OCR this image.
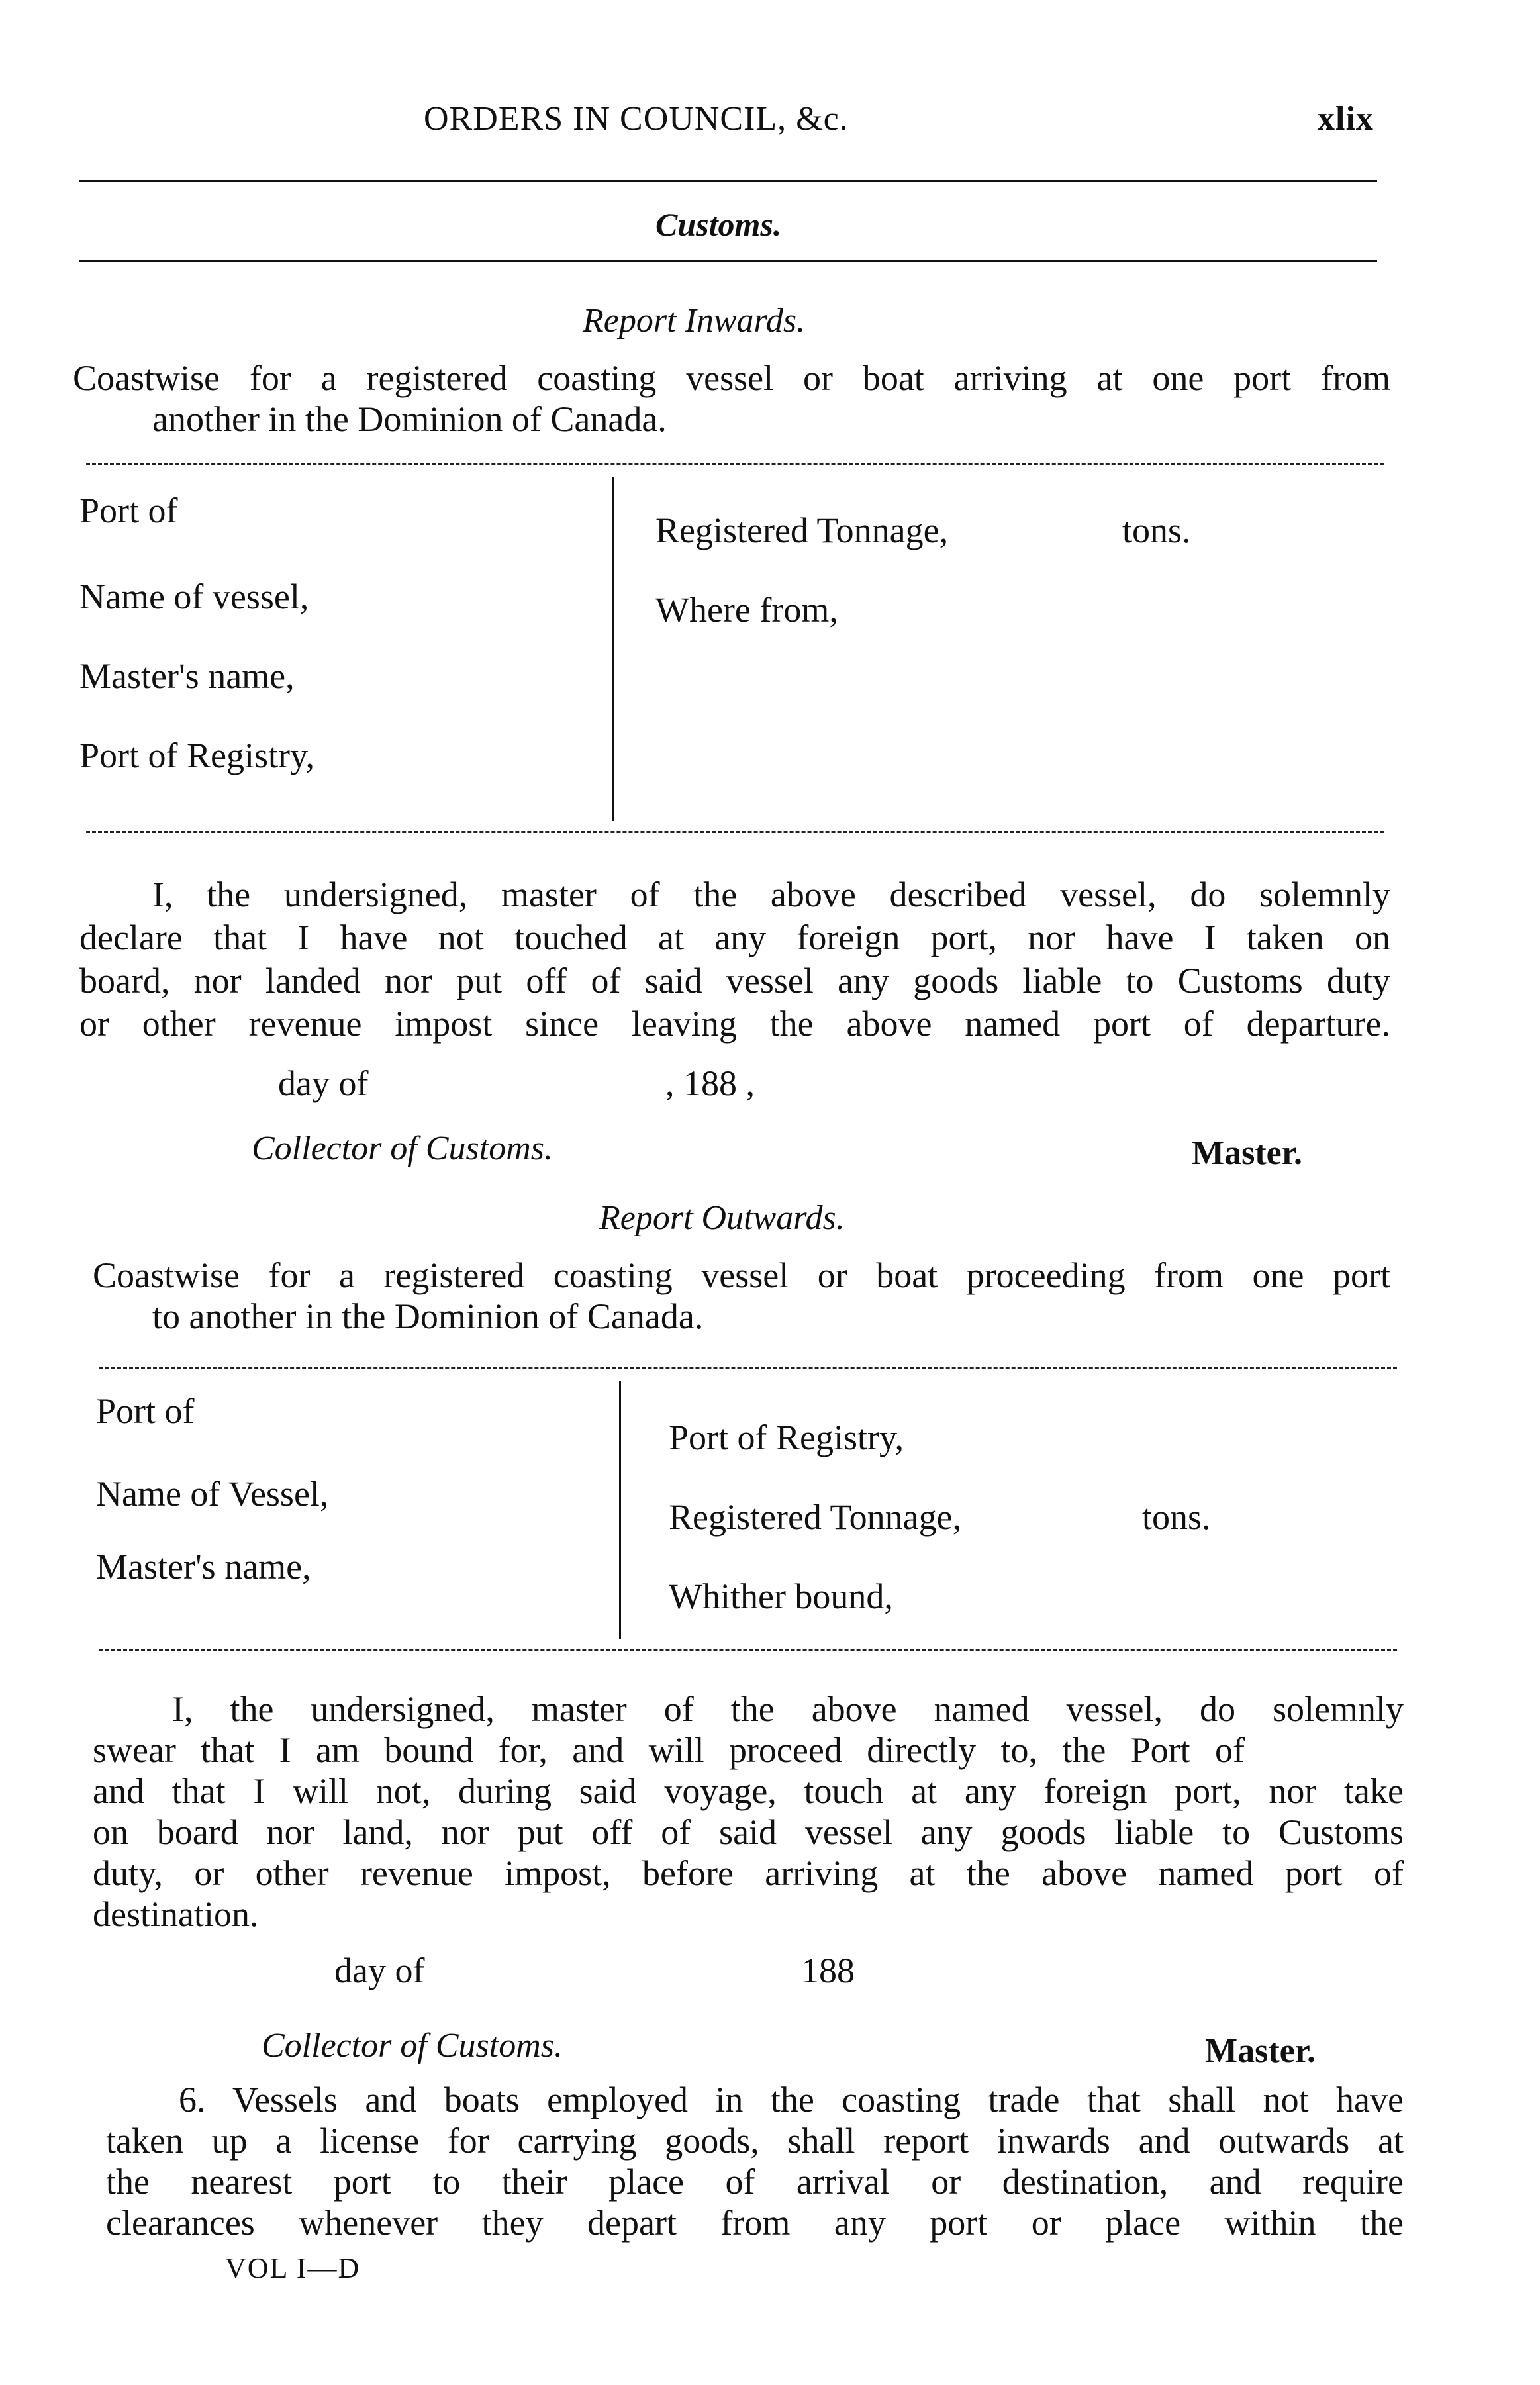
ORDERS IN COUNCIL, &c.	xlix
Customs.
Report Inwards.
Coastwise for a registered coasting vessel or boat arriving at one port from
another in the Dominion of Canada.
Port of
Name of vessel,
Master's name,
Port of Registry,
Registered Tonnage,	tons.
Where from,
I, the undersigned, master of the above described vessel, do solemnly
declare that I have not touched at any foreign port, nor have I taken on
board, nor landed nor put off of said vessel any goods liable to Customs duty
or other revenue impost since leaving the above named port of departure.
day of	, 188 ,
Collector of Customs.	Master.
Report Outwards.
Coastwise for a registered coasting vessel or boat proceeding from one port
to another in the Dominion of Canada.
Port of
Name of Vessel,
Master's name,
Port of Registry,
Registered Tonnage,	tons.
Whither bound,
I, the undersigned, master of the above named vessel, do solemnly
swear that I am bound for, and will proceed directly to, the Port of
and that I will not, during said voyage, touch at any foreign port, nor take
on board nor land, nor put off of said vessel any goods liable to Customs
duty, or other revenue impost, before arriving at the above named port of
destination.
day of	188
Collector of Customs.	Master.
6. Vessels and boats employed in the coasting trade that shall not have
taken up a license for carrying goods, shall report inwards and outwards at
the nearest port to their place of arrival or destination, and require
clearances whenever they depart from any port or place within the
VOL I—D
